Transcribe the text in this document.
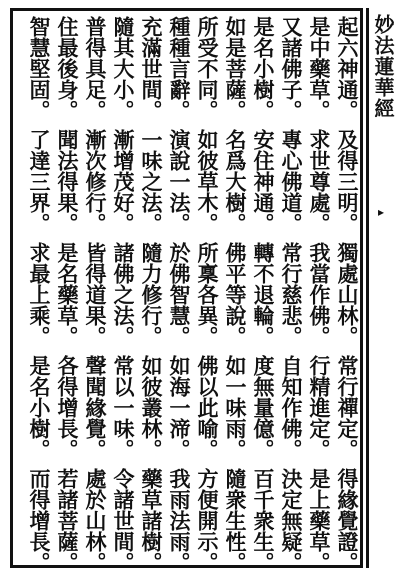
妙法蓮華經
▸
起六神通。及得三明。獨處山林。常行禪定。得緣覺證。
是中藥草。求世尊處。我當作佛。行精進定。是上藥草。
又諸佛子。專心佛道。常行慈悲。自知作佛。決定無疑。
是名小樹。安住神通。轉不退輪。度無量億。百千衆生。
如是菩薩。名爲大樹。佛平等說。如一味雨。隨衆生性。
所受不同。如彼草木。所稟各異。佛以此喻。方便開示。
種種言辭。演說一法。於佛智慧。如海一渧。我雨法雨。
充滿世間。一味之法。隨力修行。如彼叢林。藥草諸樹。
隨其大小。漸增茂好。諸佛之法。常以一味。令諸世間。
普得具足。漸次修行。皆得道果。聲聞緣覺。處於山林。
住最後身。聞法得果。是名藥草。各得增長。若諸菩薩。
智慧堅固。了達三界。求最上乘。是名小樹。而得增長。
